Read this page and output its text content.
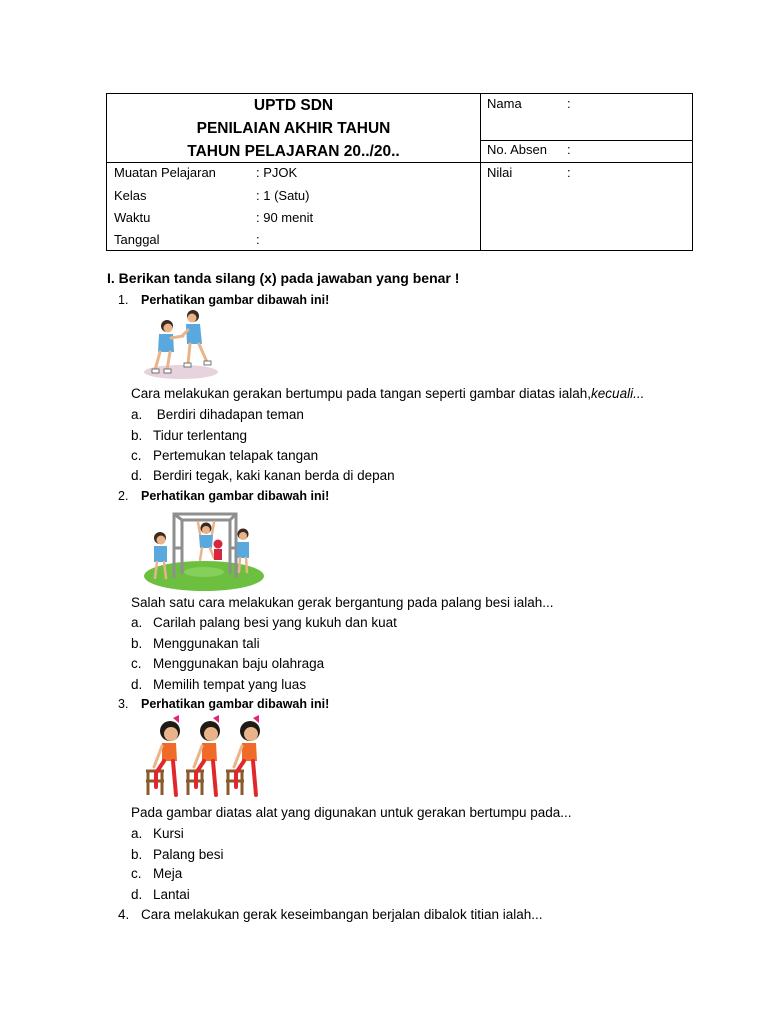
UPTD SDN
PENILAIAN AKHIR TAHUN
TAHUN PELAJARAN 20../20..
Nama	:
No. Absen :
Nilai	:
Muatan Pelajaran	: PJOK
Kelas	: 1 (Satu)
Waktu	: 90 menit
Tanggal	:
I. Berikan tanda silang (x) pada jawaban yang benar !
1. Perhatikan gambar dibawah ini!
Cara melakukan gerakan bertumpu pada tangan seperti gambar diatas ialah,kecuali...
a. Berdiri dihadapan teman
b. Tidur terlentang
c. Pertemukan telapak tangan
d. Berdiri tegak, kaki kanan berda di depan
2. Perhatikan gambar dibawah ini!
Salah satu cara melakukan gerak bergantung pada palang besi ialah...
a. Carilah palang besi yang kukuh dan kuat
b. Menggunakan tali
c. Menggunakan baju olahraga
d. Memilih tempat yang luas
3. Perhatikan gambar dibawah ini!
Pada gambar diatas alat yang digunakan untuk gerakan bertumpu pada...
a. Kursi
b. Palang besi
c. Meja
d. Lantai
4. Cara melakukan gerak keseimbangan berjalan dibalok titian ialah...
